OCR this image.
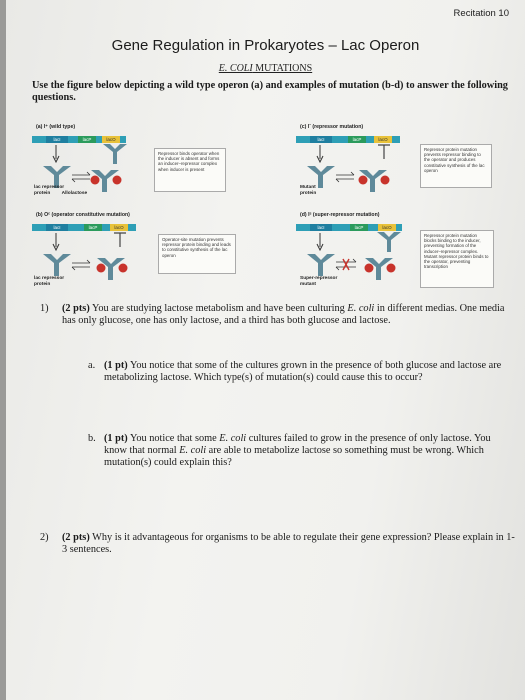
Recitation 10
Gene Regulation in Prokaryotes – Lac Operon
E. COLI MUTATIONS
Use the figure below depicting a wild type operon (a) and examples of mutation (b-d) to answer the following questions.
(a) I⁺ (wild type)
lacI	lacP	lacO
Repressor binds operator when the inducer is absent and forms an inducer–repressor complex when inducer is present
lac repressor
protein Allolactose
(c) Iˉ (repressor mutation)
lacI	lacP	lacO
Repressor protein mutation prevents repressor binding to the operator and produces constitutive synthesis of the lac operon
Mutant
protein
(b) Oᶜ (operator constitutive mutation)
lacI	lacP	lacO
Operator-site mutation prevents repressor protein binding and leads to constitutive synthesis of the lac operon
lac repressor
protein
(d) Iˢ (super-repressor mutation)
lacI	lacP	lacO
Repressor protein mutation blocks binding to the inducer, preventing formation of the inducer–repressor complex. Mutant repressor protein binds to the operator, preventing transcription
Super-repressor
mutant
1) (2 pts) You are studying lactose metabolism and have been culturing E. coli in different medias. One media has only glucose, one has only lactose, and a third has both glucose and lactose.
a. (1 pt) You notice that some of the cultures grown in the presence of both glucose and lactose are metabolizing lactose. Which type(s) of mutation(s) could cause this to occur?
b. (1 pt) You notice that some E. coli cultures failed to grow in the presence of only lactose. You know that normal E. coli are able to metabolize lactose so something must be wrong. Which mutation(s) could explain this?
2) (2 pts) Why is it advantageous for organisms to be able to regulate their gene expression? Please explain in 1-3 sentences.
